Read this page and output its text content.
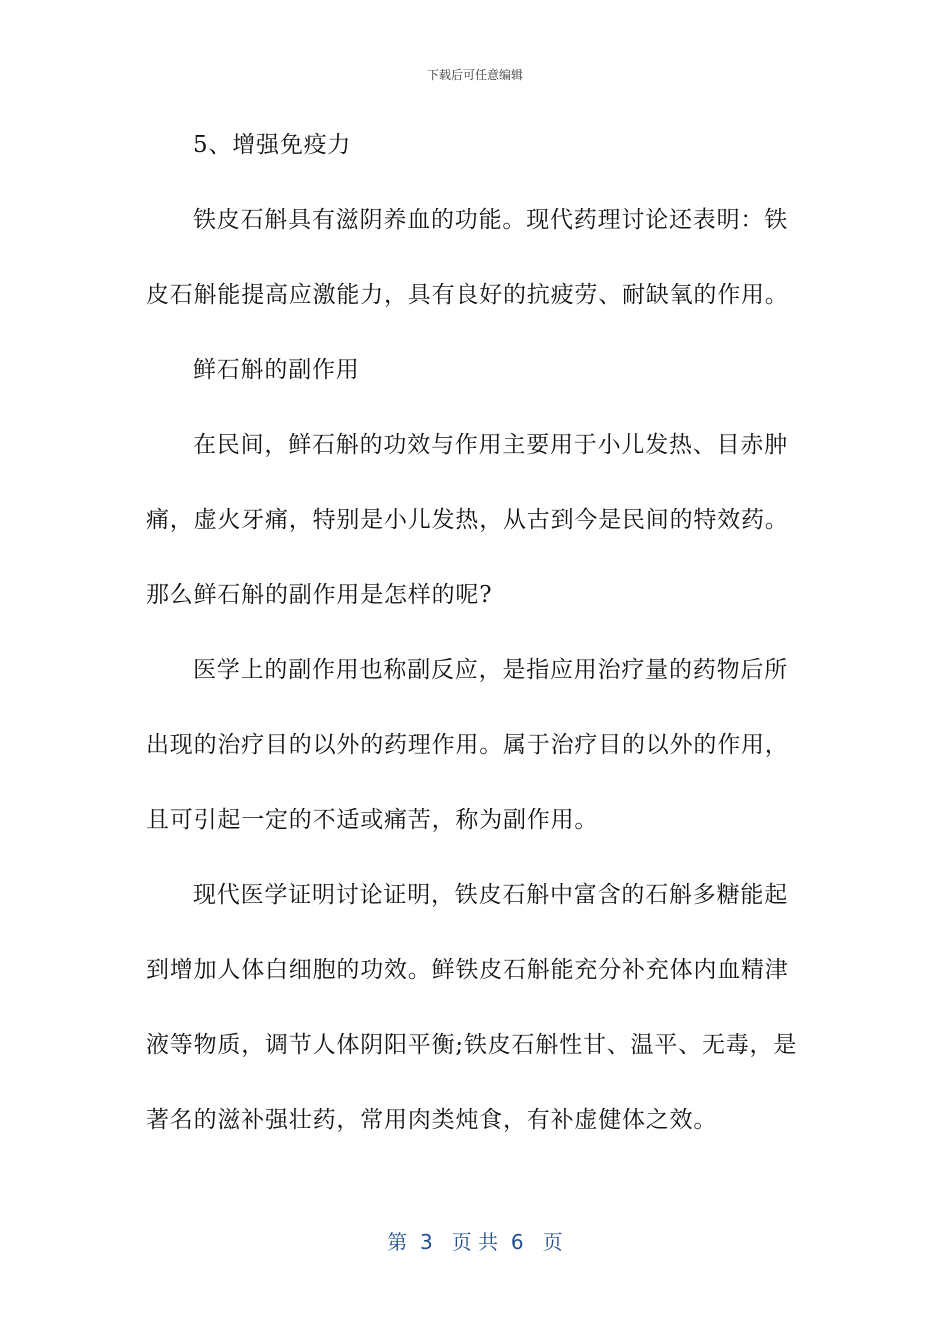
下载后可任意编辑
5、增强免疫力
铁皮石斛具有滋阴养血的功能。现代药理讨论还表明：铁
皮石斛能提高应激能力，具有良好的抗疲劳、耐缺氧的作用。
鲜石斛的副作用
在民间，鲜石斛的功效与作用主要用于小儿发热、目赤肿
痛，虚火牙痛，特别是小儿发热，从古到今是民间的特效药。
那么鲜石斛的副作用是怎样的呢?
医学上的副作用也称副反应，是指应用治疗量的药物后所
出现的治疗目的以外的药理作用。属于治疗目的以外的作用，
且可引起一定的不适或痛苦，称为副作用。
现代医学证明讨论证明，铁皮石斛中富含的石斛多糖能起
到增加人体白细胞的功效。鲜铁皮石斛能充分补充体内血精津
液等物质，调节人体阴阳平衡;铁皮石斛性甘、温平、无毒，是
著名的滋补强壮药，常用肉类炖食，有补虚健体之效。
第  3   页 共  6   页
